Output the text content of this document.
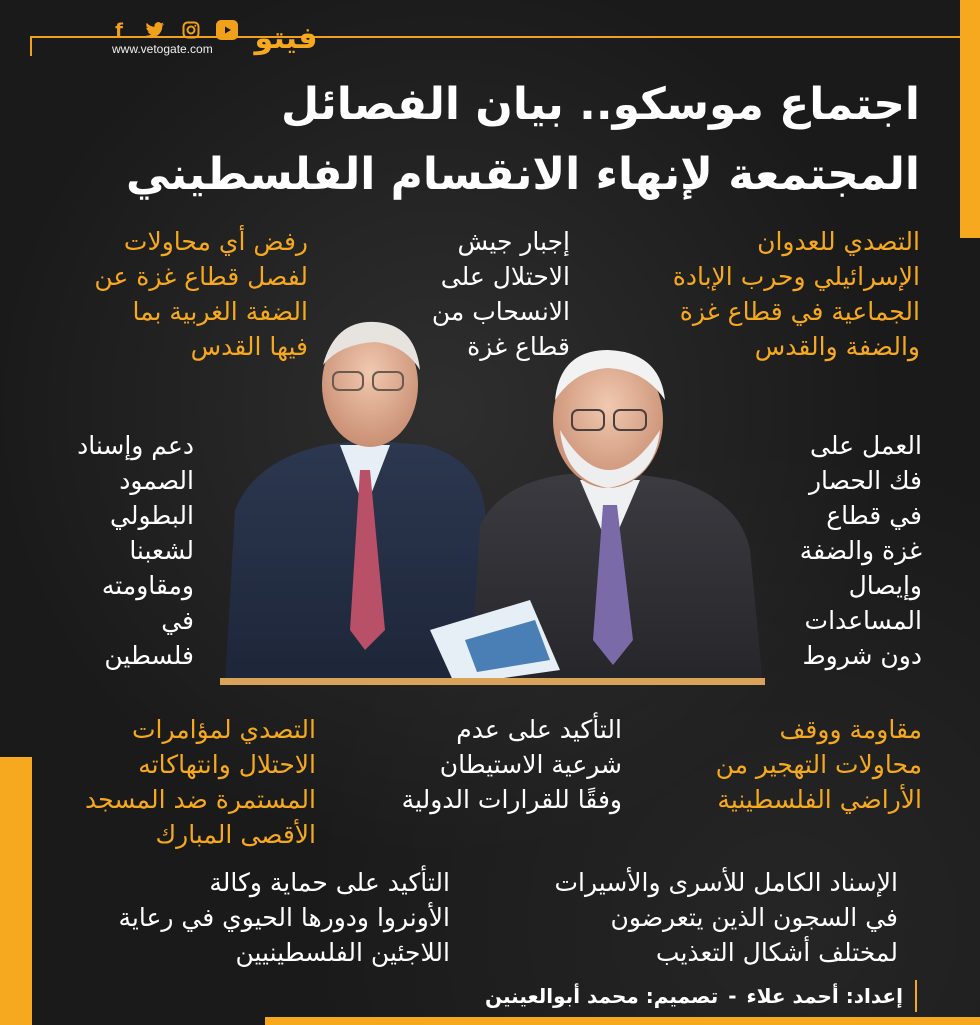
f
www.vetogate.com فيتو
اجتماع موسكو.. بيان الفصائل
المجتمعة لإنهاء الانقسام الفلسطيني
التصدي للعدوان
الإسرائيلي وحرب الإبادة
الجماعية في قطاع غزة
والضفة والقدس
إجبار جيش
الاحتلال على
الانسحاب من
قطاع غزة
رفض أي محاولات
لفصل قطاع غزة عن
الضفة الغربية بما
فيها القدس
العمل على
فك الحصار
في قطاع
غزة والضفة
وإيصال
المساعدات
دون شروط
دعم وإسناد
الصمود
البطولي
لشعبنا
ومقاومته
في
فلسطين
مقاومة ووقف
محاولات التهجير من
الأراضي الفلسطينية
التأكيد على عدم
شرعية الاستيطان
وفقًا للقرارات الدولية
التصدي لمؤامرات
الاحتلال وانتهاكاته
المستمرة ضد المسجد
الأقصى المبارك
الإسناد الكامل للأسرى والأسيرات
في السجون الذين يتعرضون
لمختلف أشكال التعذيب
التأكيد على حماية وكالة
الأونروا ودورها الحيوي في رعاية
اللاجئين الفلسطينيين
إعداد: أحمد علاء
-
تصميم: محمد أبوالعينين
